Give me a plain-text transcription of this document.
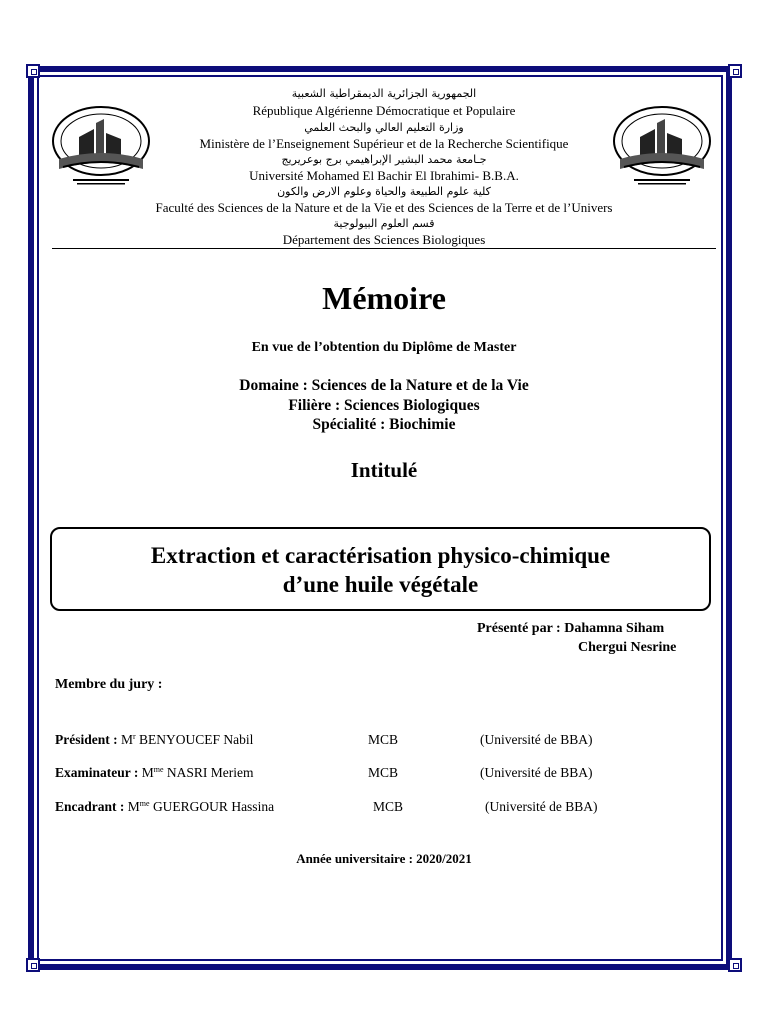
الجمهورية الجزائرية الديمقراطية الشعبية
République Algérienne Démocratique et Populaire
وزارة التعليم العالي والبحث العلمي
Ministère de l’Enseignement Supérieur et de la Recherche Scientifique
جـامعة محمد البشير الإبراهيمي برج بوعريريج
Université Mohamed El Bachir El Ibrahimi- B.B.A.
كلية علوم الطبيعة والحياة وعلوم الارض والكون
Faculté des Sciences de la Nature et de la Vie et des Sciences de la Terre et de l’Univers
قسم العلوم البيولوجية
Département des Sciences Biologiques
Mémoire
En vue de l’obtention du Diplôme de Master
Domaine : Sciences de la Nature et de la Vie
Filière : Sciences Biologiques
Spécialité : Biochimie
Intitulé
Extraction et caractérisation physico-chimique
d’une huile végétale
Présenté par : Dahamna Siham
Chergui Nesrine
Membre du jury :
Président : $M^r$ BENYOUCEF Nabil	MCB	(Université de BBA)
Examinateur : $M^{me}$ NASRI Meriem	MCB	(Université de BBA)
Encadrant : $M^{me}$ GUERGOUR Hassina	MCB	(Université de BBA)
Année universitaire : 2020/2021
